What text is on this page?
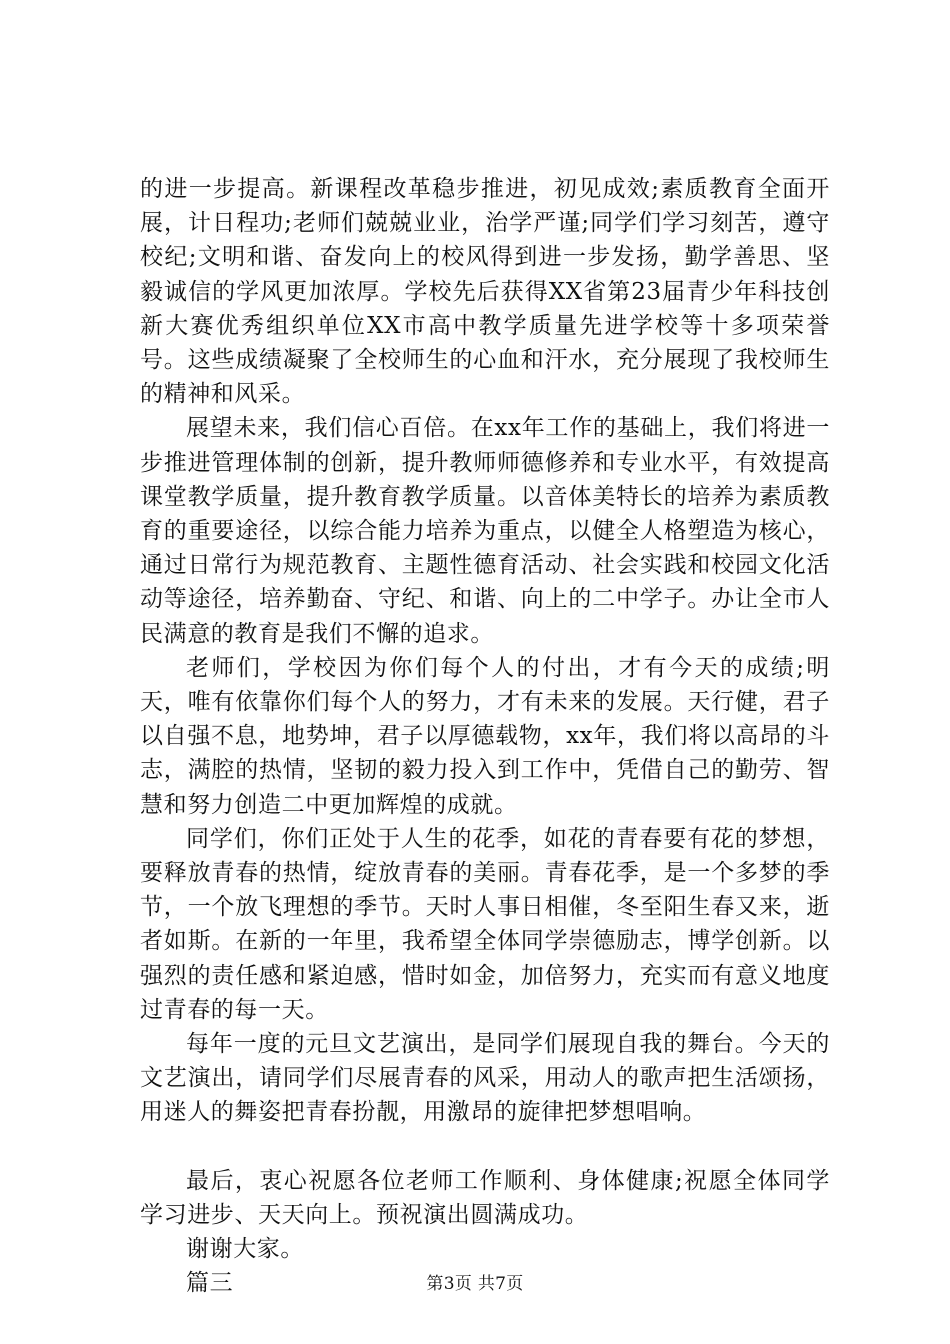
的进一步提高。新课程改革稳步推进，初见成效;素质教育全面开展，计日程功;老师们兢兢业业，治学严谨;同学们学习刻苦，遵守校纪;文明和谐、奋发向上的校风得到进一步发扬，勤学善思、坚毅诚信的学风更加浓厚。学校先后获得XX省第23届青少年科技创新大赛优秀组织单位XX市高中教学质量先进学校等十多项荣誉号。这些成绩凝聚了全校师生的心血和汗水，充分展现了我校师生的精神和风采。

展望未来，我们信心百倍。在xx年工作的基础上，我们将进一步推进管理体制的创新，提升教师师德修养和专业水平，有效提高课堂教学质量，提升教育教学质量。以音体美特长的培养为素质教育的重要途径，以综合能力培养为重点，以健全人格塑造为核心，通过日常行为规范教育、主题性德育活动、社会实践和校园文化活动等途径，培养勤奋、守纪、和谐、向上的二中学子。办让全市人民满意的教育是我们不懈的追求。

老师们，学校因为你们每个人的付出，才有今天的成绩;明天，唯有依靠你们每个人的努力，才有未来的发展。天行健，君子以自强不息，地势坤，君子以厚德载物，xx年，我们将以高昂的斗志，满腔的热情，坚韧的毅力投入到工作中，凭借自己的勤劳、智慧和努力创造二中更加辉煌的成就。

同学们，你们正处于人生的花季，如花的青春要有花的梦想，要释放青春的热情，绽放青春的美丽。青春花季，是一个多梦的季节，一个放飞理想的季节。天时人事日相催，冬至阳生春又来，逝者如斯。在新的一年里，我希望全体同学崇德励志，博学创新。以强烈的责任感和紧迫感，惜时如金，加倍努力，充实而有意义地度过青春的每一天。

每年一度的元旦文艺演出，是同学们展现自我的舞台。今天的文艺演出，请同学们尽展青春的风采，用动人的歌声把生活颂扬，用迷人的舞姿把青春扮靓，用激昂的旋律把梦想唱响。

最后，衷心祝愿各位老师工作顺利、身体健康;祝愿全体同学学习进步、天天向上。预祝演出圆满成功。

谢谢大家。

篇三	第3页 共7页
